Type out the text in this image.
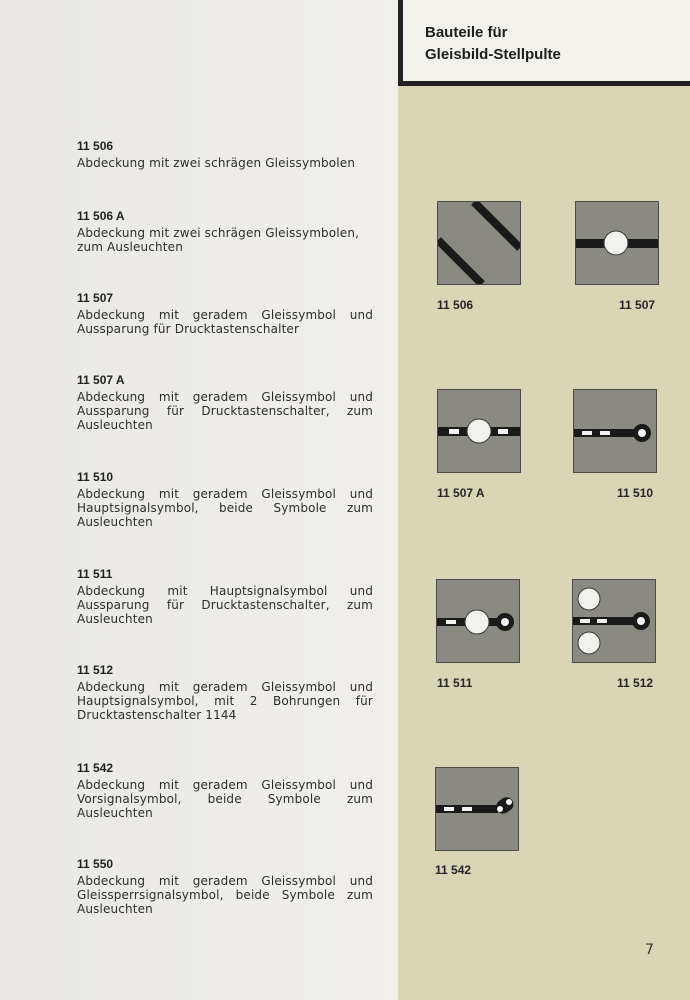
Bauteile für
Gleisbild-Stellpulte
11 506
Abdeckung mit zwei schrägen Gleissymbolen
11 506 A
Abdeckung mit zwei schrägen Gleissymbolen, zum Ausleuchten
11 507
Abdeckung mit geradem Gleissymbol und Aussparung für Drucktastenschalter
11 507 A
Abdeckung mit geradem Gleissymbol und Aussparung für Drucktastenschalter, zum Ausleuchten
11 510
Abdeckung mit geradem Gleissymbol und Hauptsignalsymbol, beide Symbole zum Ausleuchten
11 511
Abdeckung mit Hauptsignalsymbol und Aussparung für Drucktastenschalter, zum Ausleuchten
11 512
Abdeckung mit geradem Gleissymbol und Hauptsignalsymbol, mit 2 Bohrungen für Drucktastenschalter 1144
11 542
Abdeckung mit geradem Gleissymbol und Vorsignalsymbol, beide Symbole zum Ausleuchten
11 550
Abdeckung mit geradem Gleissymbol und Gleissperrsignalsymbol, beide Symbole zum Ausleuchten
11 506	11 507
11 507 A	11 510
11 511	11 512
11 542
7
